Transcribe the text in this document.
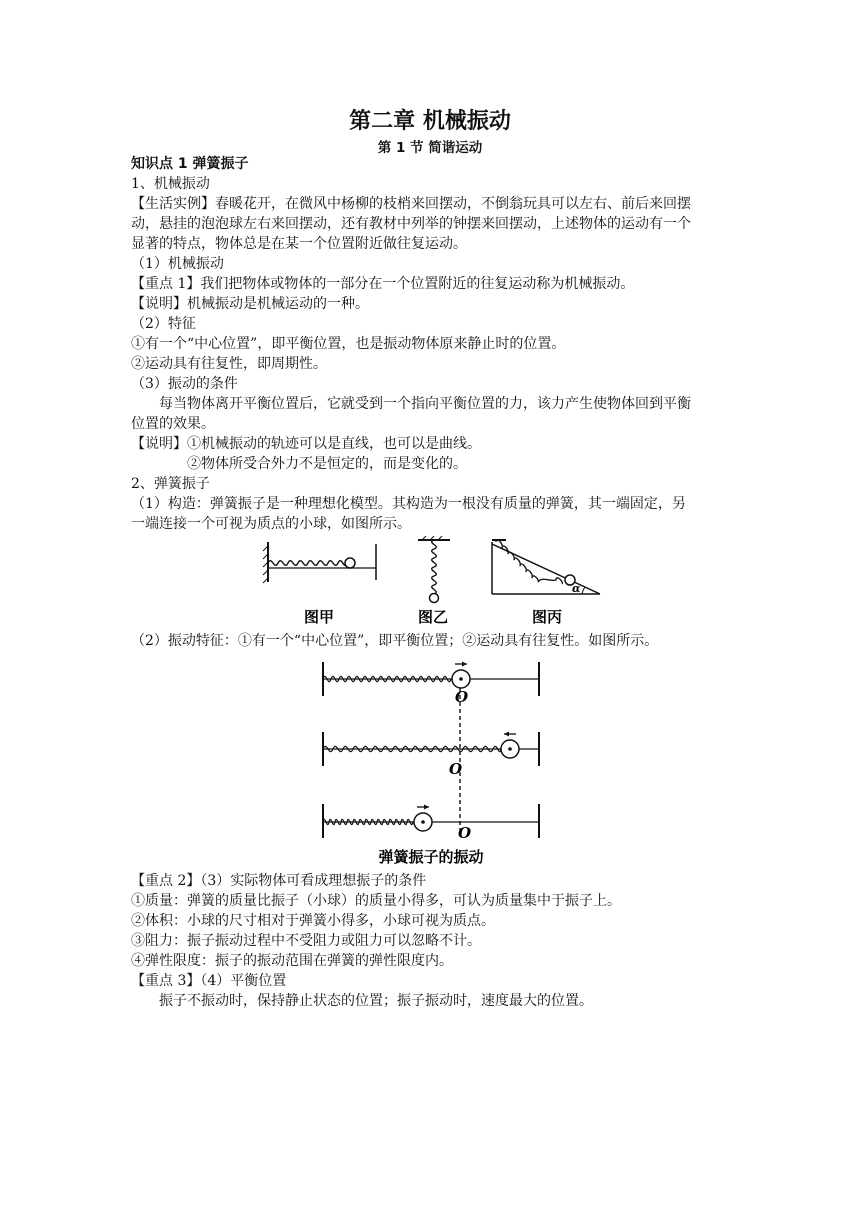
第二章 机械振动
第 1 节 简谐运动
知识点 1 弹簧振子
1、机械振动
【生活实例】春暖花开，在微风中杨柳的枝梢来回摆动，不倒翁玩具可以左右、前后来回摆
动，悬挂的泡泡球左右来回摆动，还有教材中列举的钟摆来回摆动，上述物体的运动有一个
显著的特点，物体总是在某一个位置附近做往复运动。
（1）机械振动
【重点 1】我们把物体或物体的一部分在一个位置附近的往复运动称为机械振动。
【说明】机械振动是机械运动的一种。
（2）特征
①有一个“中心位置”，即平衡位置，也是振动物体原来静止时的位置。
②运动具有往复性，即周期性。
（3）振动的条件
每当物体离开平衡位置后，它就受到一个指向平衡位置的力，该力产生使物体回到平衡
位置的效果。
【说明】①机械振动的轨迹可以是直线，也可以是曲线。
②物体所受合外力不是恒定的，而是变化的。
2、弹簧振子
（1）构造：弹簧振子是一种理想化模型。其构造为一根没有质量的弹簧，其一端固定，另
一端连接一个可视为质点的小球，如图所示。
图甲	图乙
α
图丙
（2）振动特征：①有一个“中心位置”，即平衡位置；②运动具有往复性。如图所示。
O
O
O
弹簧振子的振动
【重点 2】（3）实际物体可看成理想振子的条件
①质量：弹簧的质量比振子（小球）的质量小得多，可认为质量集中于振子上。
②体积：小球的尺寸相对于弹簧小得多，小球可视为质点。
③阻力：振子振动过程中不受阻力或阻力可以忽略不计。
④弹性限度：振子的振动范围在弹簧的弹性限度内。
【重点 3】（4）平衡位置
振子不振动时，保持静止状态的位置；振子振动时，速度最大的位置。
